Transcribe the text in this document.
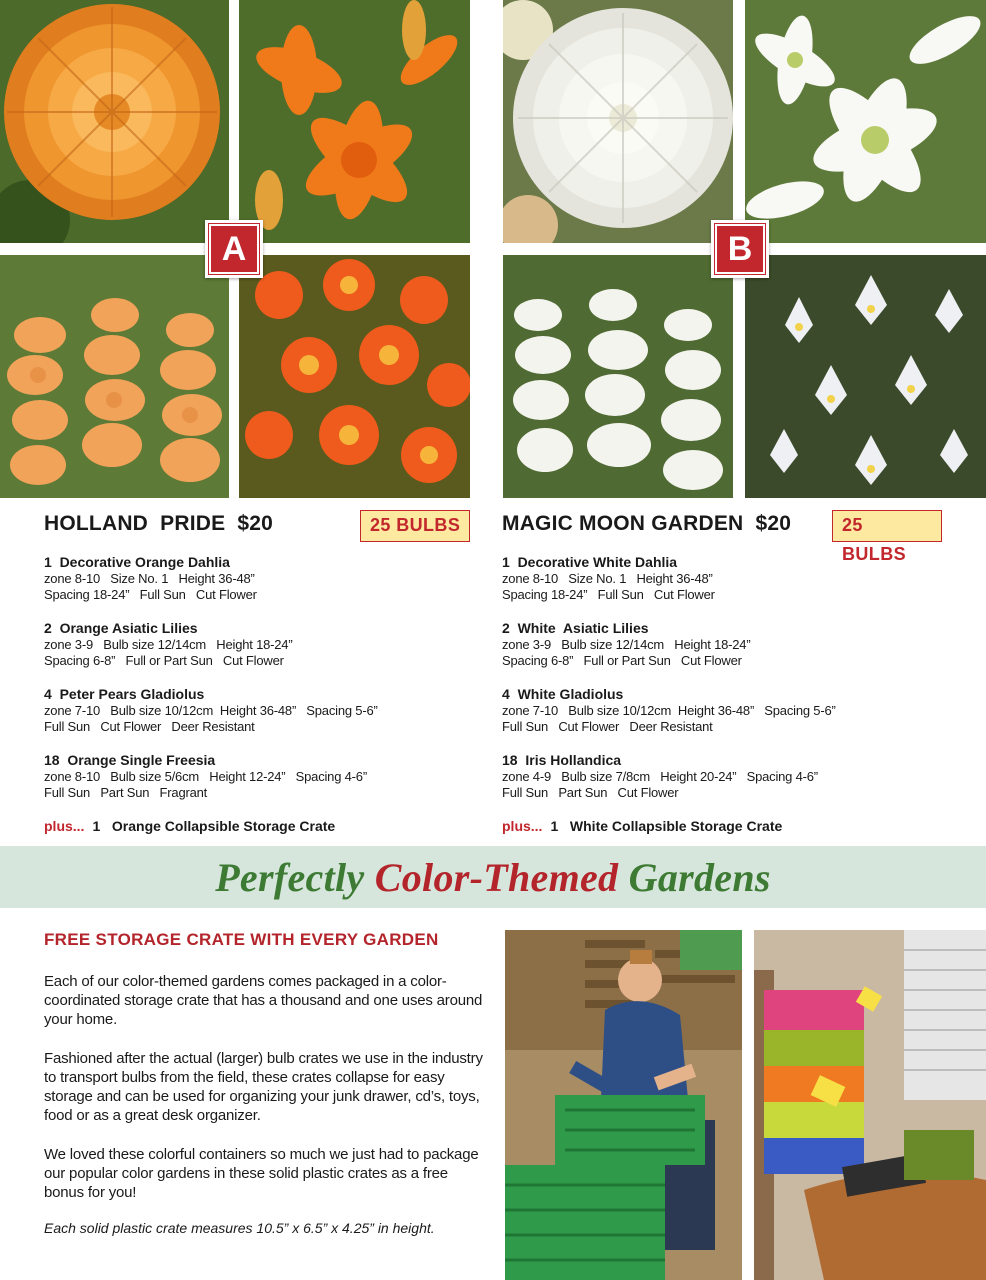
A	B
HOLLAND  PRIDE  $20	25 BULBS
1  Decorative Orange Dahlia
zone 8-10   Size No. 1   Height 36-48”
Spacing 18-24”   Full Sun   Cut Flower
2  Orange Asiatic Lilies
zone 3-9   Bulb size 12/14cm   Height 18-24”
Spacing 6-8”   Full or Part Sun   Cut Flower
4  Peter Pears Gladiolus
zone 7-10   Bulb size 10/12cm  Height 36-48”   Spacing 5-6”
Full Sun   Cut Flower   Deer Resistant
18  Orange Single Freesia
zone 8-10   Bulb size 5/6cm   Height 12-24”   Spacing 4-6”
Full Sun   Part Sun   Fragrant
plus... 1   Orange Collapsible Storage Crate
MAGIC MOON GARDEN  $20	25 BULBS
1  Decorative White Dahlia
zone 8-10   Size No. 1   Height 36-48”
Spacing 18-24”   Full Sun   Cut Flower
2  White  Asiatic Lilies
zone 3-9   Bulb size 12/14cm   Height 18-24”
Spacing 6-8”   Full or Part Sun   Cut Flower
4  White Gladiolus
zone 7-10   Bulb size 10/12cm  Height 36-48”   Spacing 5-6”
Full Sun   Cut Flower   Deer Resistant
18  Iris Hollandica
zone 4-9   Bulb size 7/8cm   Height 20-24”   Spacing 4-6”
Full Sun   Part Sun   Cut Flower
plus... 1   White Collapsible Storage Crate
Perfectly Color-Themed Gardens
FREE STORAGE CRATE WITH EVERY GARDEN

Each of our color-themed gardens comes packaged in a color-coordinated storage crate that has a thousand and one uses around your home.

Fashioned after the actual (larger) bulb crates we use in the industry to transport bulbs from the field, these crates collapse for easy storage and can be used for organizing your junk drawer, cd’s, toys, food or as a great desk organizer.

We loved these colorful containers so much we just had to package our popular color gardens in these solid plastic crates as a free bonus for you!

Each solid plastic crate measures 10.5” x 6.5” x 4.25” in height.
